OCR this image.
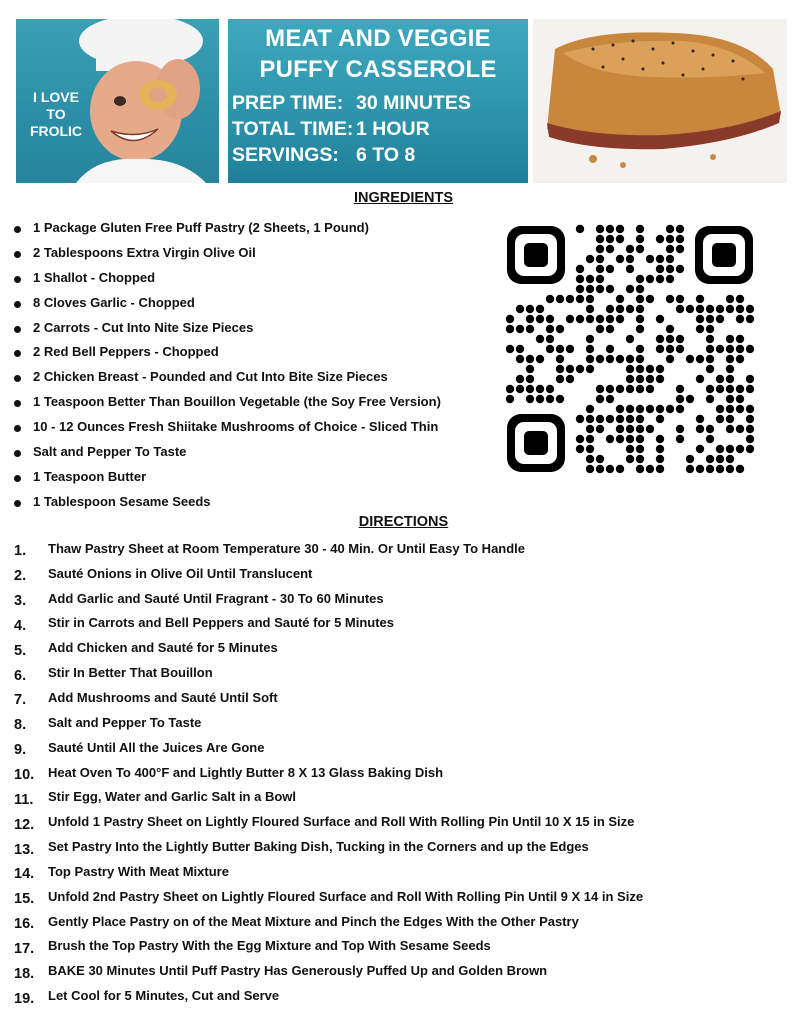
I LOVE TO FROLIC
MEAT AND VEGGIE
PUFFY CASSEROLE
PREP TIME: 30 MINUTES
TOTAL TIME: 1 HOUR
SERVINGS: 6 TO 8
INGREDIENTS
1 Package Gluten Free Puff Pastry (2 Sheets, 1 Pound)
2 Tablespoons Extra Virgin Olive Oil
1 Shallot - Chopped
8 Cloves Garlic - Chopped
2 Carrots - Cut Into Nite Size Pieces
2 Red Bell Peppers - Chopped
2 Chicken Breast - Pounded and Cut Into Bite Size Pieces
1 Teaspoon Better Than Bouillon Vegetable (the Soy Free Version)
10 - 12 Ounces Fresh Shiitake Mushrooms of Choice - Sliced Thin
Salt and Pepper To Taste
1 Teaspoon Butter
1 Tablespoon Sesame Seeds
DIRECTIONS
1.	Thaw Pastry Sheet at Room Temperature 30 - 40 Min. Or Until Easy To Handle
2.	Sauté Onions in Olive Oil Until Translucent
3.	Add Garlic and Sauté Until Fragrant - 30 To 60 Minutes
4.	Stir in Carrots and Bell Peppers and Sauté for 5 Minutes
5.	Add Chicken and Sauté for 5 Minutes
6.	Stir In Better That Bouillon
7.	Add Mushrooms and Sauté Until Soft
8.	Salt and Pepper To Taste
9.	Sauté Until All the Juices Are Gone
10.	Heat Oven To 400°F and Lightly Butter 8 X 13 Glass Baking Dish
11.	Stir Egg, Water and Garlic Salt in a Bowl
12.	Unfold 1 Pastry Sheet on Lightly Floured Surface and Roll With Rolling Pin Until 10 X 15 in Size
13.	Set Pastry Into the Lightly Butter Baking Dish, Tucking in the Corners and up the Edges
14.	Top Pastry With Meat Mixture
15.	Unfold 2nd Pastry Sheet on Lightly Floured Surface and Roll With Rolling Pin Until 9 X 14 in Size
16.	Gently Place Pastry on of the Meat Mixture and Pinch the Edges With the Other Pastry
17.	Brush the Top Pastry With the Egg Mixture and Top With Sesame Seeds
18.	BAKE 30 Minutes Until Puff Pastry Has Generously Puffed Up and Golden Brown
19.	Let Cool for 5 Minutes, Cut and Serve
